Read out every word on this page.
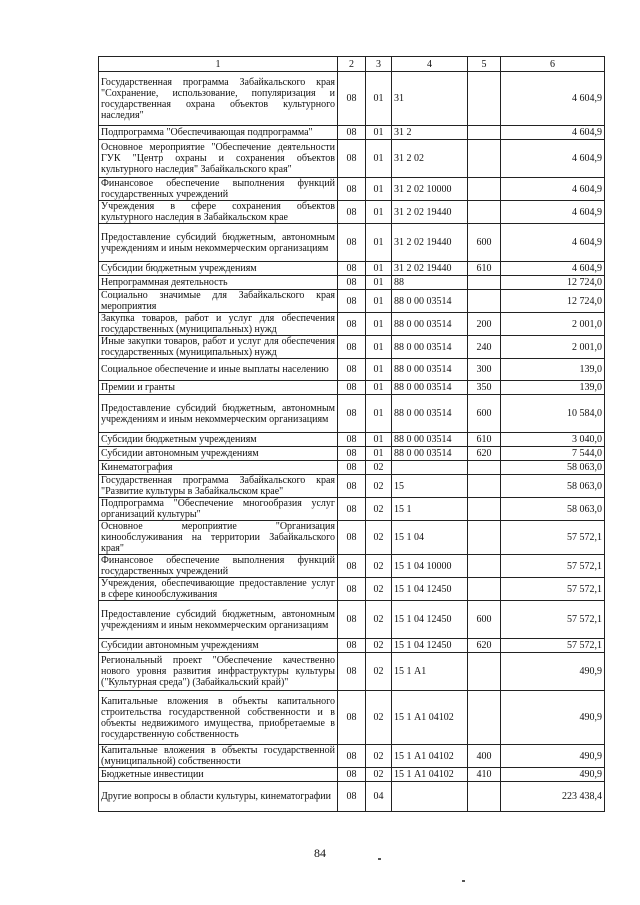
1	2	3	4	5	6
Государственная программа Забайкальского края "Сохранение, использование, популяризация и государственная охрана объектов культурного наследия"	08	01	31		4 604,9
Подпрограмма "Обеспечивающая подпрограмма"	08	01	31 2		4 604,9
Основное мероприятие "Обеспечение деятельности ГУК "Центр охраны и сохранения объектов культурного наследия" Забайкальского края"	08	01	31 2 02		4 604,9
Финансовое обеспечение выполнения функций государственных учреждений	08	01	31 2 02 10000		4 604,9
Учреждения в сфере сохранения объектов культурного наследия в Забайкальском крае	08	01	31 2 02 19440		4 604,9
Предоставление субсидий бюджетным, автономным учреждениям и иным некоммерческим организациям	08	01	31 2 02 19440	600	4 604,9
Субсидии бюджетным учреждениям	08	01	31 2 02 19440	610	4 604,9
Непрограммная деятельность	08	01	88		12 724,0
Социально значимые для Забайкальского края мероприятия	08	01	88 0 00 03514		12 724,0
Закупка товаров, работ и услуг для обеспечения государственных (муниципальных) нужд	08	01	88 0 00 03514	200	2 001,0
Иные закупки товаров, работ и услуг для обеспечения государственных (муниципальных) нужд	08	01	88 0 00 03514	240	2 001,0
Социальное обеспечение и иные выплаты населению	08	01	88 0 00 03514	300	139,0
Премии и гранты	08	01	88 0 00 03514	350	139,0
Предоставление субсидий бюджетным, автономным учреждениям и иным некоммерческим организациям	08	01	88 0 00 03514	600	10 584,0
Субсидии бюджетным учреждениям	08	01	88 0 00 03514	610	3 040,0
Субсидии автономным учреждениям	08	01	88 0 00 03514	620	7 544,0
Кинематография	08	02			58 063,0
Государственная программа Забайкальского края "Развитие культуры в Забайкальском крае"	08	02	15		58 063,0
Подпрограмма "Обеспечение многообразия услуг организаций культуры"	08	02	15 1		58 063,0
Основное мероприятие "Организация кинообслуживания на территории Забайкальского края"	08	02	15 1 04		57 572,1
Финансовое обеспечение выполнения функций государственных учреждений	08	02	15 1 04 10000		57 572,1
Учреждения, обеспечивающие предоставление услуг в сфере кинообслуживания	08	02	15 1 04 12450		57 572,1
Предоставление субсидий бюджетным, автономным учреждениям и иным некоммерческим организациям	08	02	15 1 04 12450	600	57 572,1
Субсидии автономным учреждениям	08	02	15 1 04 12450	620	57 572,1
Региональный проект "Обеспечение качественно нового уровня развития инфраструктуры культуры ("Культурная среда") (Забайкальский край)"	08	02	15 1 А1		490,9
Капитальные вложения в объекты капитального строительства государственной собственности и в объекты недвижимого имущества, приобретаемые в государственную собственность	08	02	15 1 А1 04102		490,9
Капитальные вложения в объекты государственной (муниципальной) собственности	08	02	15 1 А1 04102	400	490,9
Бюджетные инвестиции	08	02	15 1 А1 04102	410	490,9
Другие вопросы в области культуры, кинематографии	08	04			223 438,4
84
